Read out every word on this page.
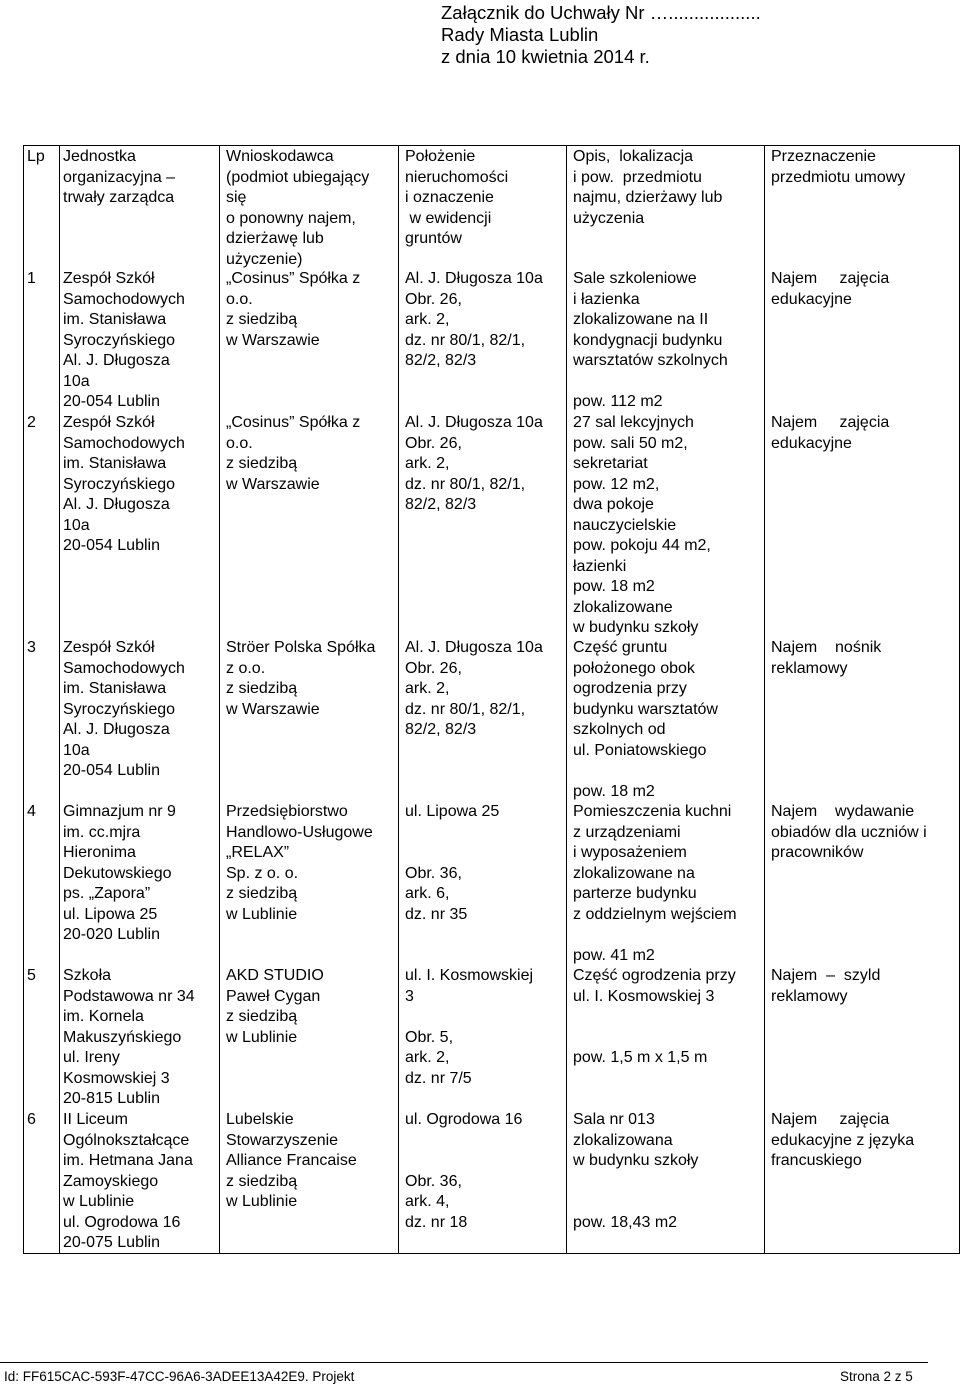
Załącznik do Uchwały Nr …..................
Rady Miasta Lublin
z dnia 10 kwietnia 2014 r.
Lp Jednostka
organizacyjna –
trwały zarządca
Wnioskodawca
(podmiot ubiegający
się
o ponowny najem,
dzierżawę lub
użyczenie)
Położenie
nieruchomości
i oznaczenie
w ewidencji
gruntów
Opis,  lokalizacja
i pow.  przedmiotu
najmu, dzierżawy lub
użyczenia
Przeznaczenie
przedmiotu umowy
1 Zespół Szkół
Samochodowych
im. Stanisława
Syroczyńskiego
Al. J. Długosza
10a
20-054 Lublin
„Cosinus” Spółka z
o.o.
z siedzibą
w Warszawie
Al. J. Długosza 10a
Obr. 26,
ark. 2,
dz. nr 80/1, 82/1,
82/2, 82/3
Sale szkoleniowe
i łazienka
zlokalizowane na II
kondygnacji budynku
warsztatów szkolnych
pow. 112 m2
Najem     zajęcia
edukacyjne
2 Zespół Szkół
Samochodowych
im. Stanisława
Syroczyńskiego
Al. J. Długosza
10a
20-054 Lublin
„Cosinus” Spółka z
o.o.
z siedzibą
w Warszawie
Al. J. Długosza 10a
Obr. 26,
ark. 2,
dz. nr 80/1, 82/1,
82/2, 82/3
27 sal lekcyjnych
pow. sali 50 m2,
sekretariat
pow. 12 m2,
dwa pokoje
nauczycielskie
pow. pokoju 44 m2,
łazienki
pow. 18 m2
zlokalizowane
w budynku szkoły
Najem     zajęcia
edukacyjne
3 Zespół Szkół
Samochodowych
im. Stanisława
Syroczyńskiego
Al. J. Długosza
10a
20-054 Lublin
Ströer Polska Spółka
z o.o.
z siedzibą
w Warszawie
Al. J. Długosza 10a
Obr. 26,
ark. 2,
dz. nr 80/1, 82/1,
82/2, 82/3
Część gruntu
położonego obok
ogrodzenia przy
budynku warsztatów
szkolnych od
ul. Poniatowskiego
pow. 18 m2
Najem    nośnik
reklamowy
4 Gimnazjum nr 9
im. cc.mjra
Hieronima
Dekutowskiego
ps. „Zapora”
ul. Lipowa 25
20-020 Lublin
Przedsiębiorstwo
Handlowo-Usługowe
„RELAX”
Sp. z o. o.
z siedzibą
w Lublinie
ul. Lipowa 25
Obr. 36,
ark. 6,
dz. nr 35
Pomieszczenia kuchni
z urządzeniami
i wyposażeniem
zlokalizowane na
parterze budynku
z oddzielnym wejściem
pow. 41 m2
Najem    wydawanie
obiadów dla uczniów i
pracowników
5 Szkoła
Podstawowa nr 34
im. Kornela
Makuszyńskiego
ul. Ireny
Kosmowskiej 3
20-815 Lublin
AKD STUDIO
Paweł Cygan
z siedzibą
w Lublinie
ul. I. Kosmowskiej
3
Obr. 5,
ark. 2,
dz. nr 7/5
Część ogrodzenia przy
ul. I. Kosmowskiej 3
pow. 1,5 m x 1,5 m
Najem  –  szyld
reklamowy
6 II Liceum
Ogólnokształcące
im. Hetmana Jana
Zamoyskiego
w Lublinie
ul. Ogrodowa 16
20-075 Lublin
Lubelskie
Stowarzyszenie
Alliance Francaise
z siedzibą
w Lublinie
ul. Ogrodowa 16
Obr. 36,
ark. 4,
dz. nr 18
Sala nr 013
zlokalizowana
w budynku szkoły
pow. 18,43 m2
Najem     zajęcia
edukacyjne z języka
francuskiego
Id: FF615CAC-593F-47CC-96A6-3ADEE13A42E9. Projekt	Strona 2 z 5
